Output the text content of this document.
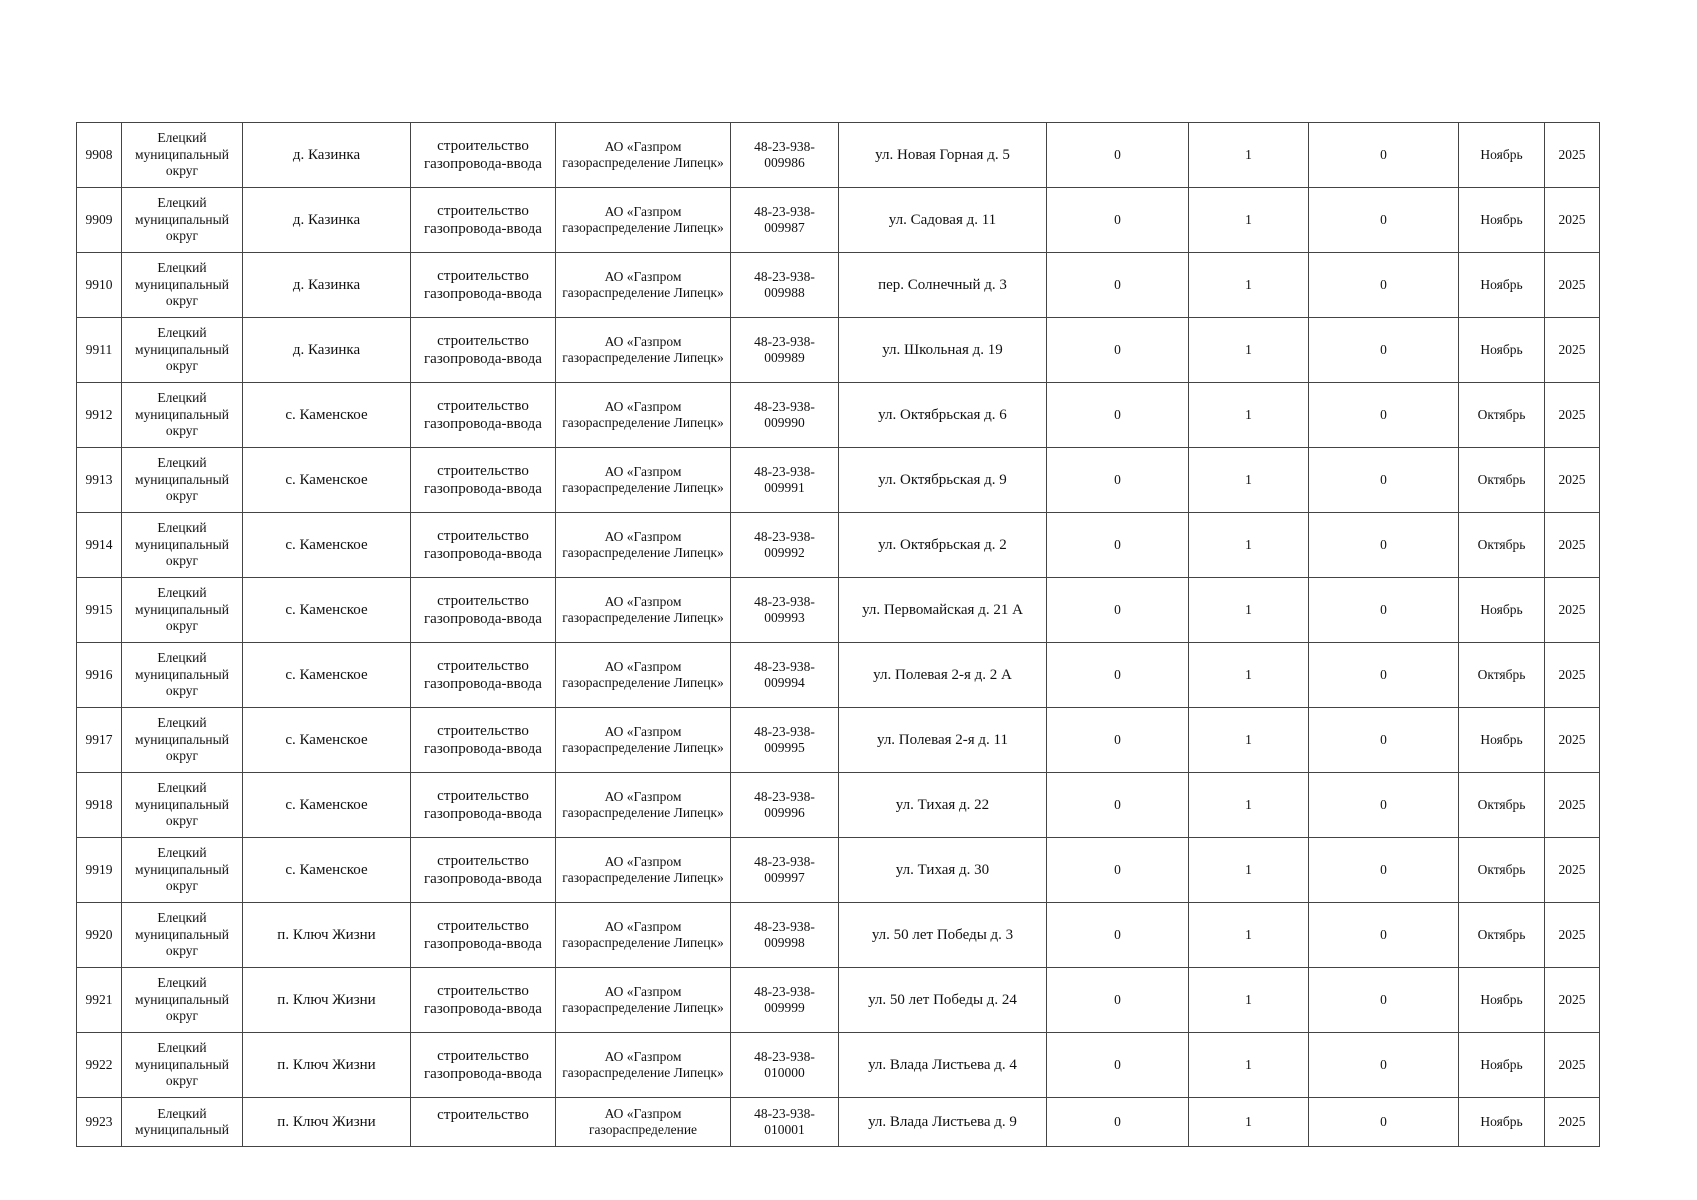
9908	Елецкий муниципальный округ	д. Казинка	строительство газопровода-ввода	АО «Газпром газораспределение Липецк»	48-23-938-009986	ул. Новая Горная д. 5	0	1	0	Ноябрь	2025

9909	Елецкий муниципальный округ	д. Казинка	строительство газопровода-ввода	АО «Газпром газораспределение Липецк»	48-23-938-009987	ул. Садовая д. 11	0	1	0	Ноябрь	2025

9910	Елецкий муниципальный округ	д. Казинка	строительство газопровода-ввода	АО «Газпром газораспределение Липецк»	48-23-938-009988	пер. Солнечный д. 3	0	1	0	Ноябрь	2025

9911	Елецкий муниципальный округ	д. Казинка	строительство газопровода-ввода	АО «Газпром газораспределение Липецк»	48-23-938-009989	ул. Школьная д. 19	0	1	0	Ноябрь	2025

9912	Елецкий муниципальный округ	с. Каменское	строительство газопровода-ввода	АО «Газпром газораспределение Липецк»	48-23-938-009990	ул. Октябрьская д. 6	0	1	0	Октябрь	2025

9913	Елецкий муниципальный округ	с. Каменское	строительство газопровода-ввода	АО «Газпром газораспределение Липецк»	48-23-938-009991	ул. Октябрьская д. 9	0	1	0	Октябрь	2025

9914	Елецкий муниципальный округ	с. Каменское	строительство газопровода-ввода	АО «Газпром газораспределение Липецк»	48-23-938-009992	ул. Октябрьская д. 2	0	1	0	Октябрь	2025

9915	Елецкий муниципальный округ	с. Каменское	строительство газопровода-ввода	АО «Газпром газораспределение Липецк»	48-23-938-009993	ул. Первомайская д. 21 А	0	1	0	Ноябрь	2025

9916	Елецкий муниципальный округ	с. Каменское	строительство газопровода-ввода	АО «Газпром газораспределение Липецк»	48-23-938-009994	ул. Полевая 2-я д. 2 А	0	1	0	Октябрь	2025

9917	Елецкий муниципальный округ	с. Каменское	строительство газопровода-ввода	АО «Газпром газораспределение Липецк»	48-23-938-009995	ул. Полевая 2-я д. 11	0	1	0	Ноябрь	2025

9918	Елецкий муниципальный округ	с. Каменское	строительство газопровода-ввода	АО «Газпром газораспределение Липецк»	48-23-938-009996	ул. Тихая д. 22	0	1	0	Октябрь	2025

9919	Елецкий муниципальный округ	с. Каменское	строительство газопровода-ввода	АО «Газпром газораспределение Липецк»	48-23-938-009997	ул. Тихая д. 30	0	1	0	Октябрь	2025

9920	Елецкий муниципальный округ	п. Ключ Жизни	строительство газопровода-ввода	АО «Газпром газораспределение Липецк»	48-23-938-009998	ул. 50 лет Победы д. 3	0	1	0	Октябрь	2025

9921	Елецкий муниципальный округ	п. Ключ Жизни	строительство газопровода-ввода	АО «Газпром газораспределение Липецк»	48-23-938-009999	ул. 50 лет Победы д. 24	0	1	0	Ноябрь	2025

9922	Елецкий муниципальный округ	п. Ключ Жизни	строительство газопровода-ввода	АО «Газпром газораспределение Липецк»	48-23-938-010000	ул. Влада Листьева д. 4	0	1	0	Ноябрь	2025

9923	Елецкий муниципальный	п. Ключ Жизни	строительство	АО «Газпром газораспределение	48-23-938-010001	ул. Влада Листьева д. 9	0	1	0	Ноябрь	2025
